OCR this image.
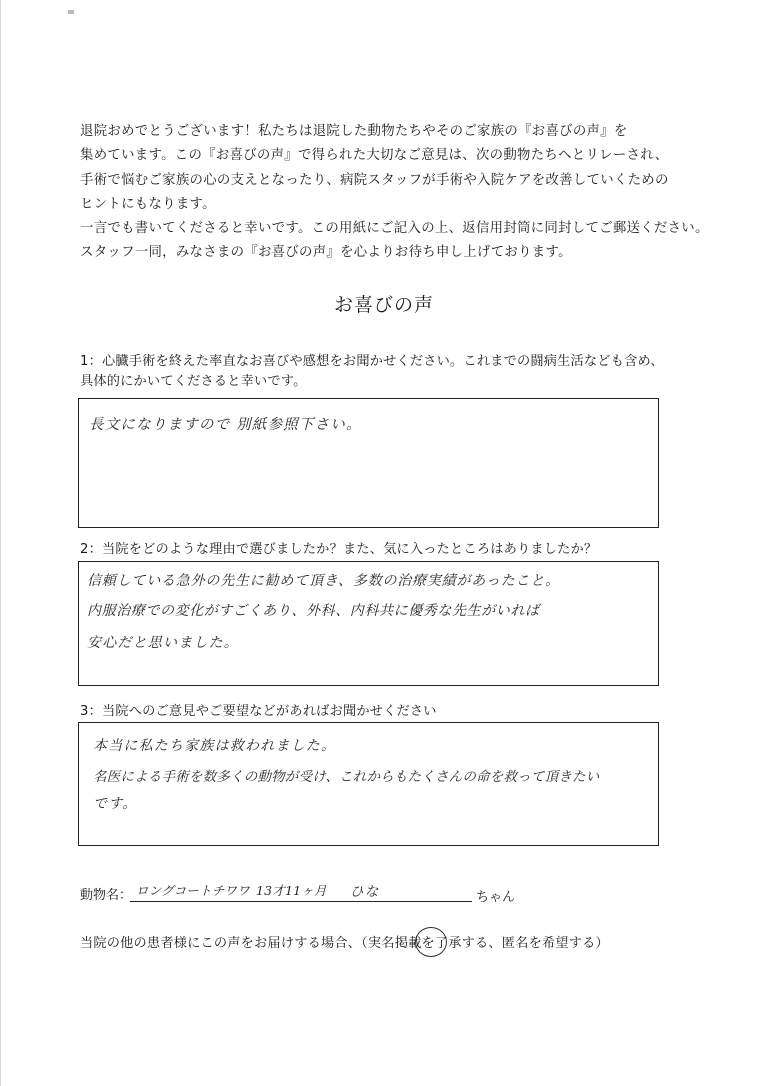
退院おめでとうございます！私たちは退院した動物たちやそのご家族の『お喜びの声』を

集めています。この『お喜びの声』で得られた大切なご意見は、次の動物たちへとリレーされ、

手術で悩むご家族の心の支えとなったり、病院スタッフが手術や入院ケアを改善していくための

ヒントにもなります。

一言でも書いてくださると幸いです。この用紙にご記入の上、返信用封筒に同封してご郵送ください。

スタッフ一同，みなさまの『お喜びの声』を心よりお待ち申し上げております。

お喜びの声

1：心臓手術を終えた率直なお喜びや感想をお聞かせください。これまでの闘病生活なども含め、

具体的にかいてくださると幸いです。

長文になりますので 別紙参照下さい。

2：当院をどのような理由で選びましたか？また、気に入ったところはありましたか？

信頼している急外の先生に勧めて頂き、多数の治療実績があったこと。
内服治療での変化がすごくあり、外科、内科共に優秀な先生がいれば
安心だと思いました。

3：当院へのご意見やご要望などがあればお聞かせください

本当に私たち家族は救われました。
名医による手術を数多くの動物が受け、これからもたくさんの命を救って頂きたい
です。
動物名： ロングコートチワワ 13才11ヶ月 ひな	ちゃん
当院の他の患者様にこの声をお届けする場合、（実名掲載を了承する、匿名を希望する）
